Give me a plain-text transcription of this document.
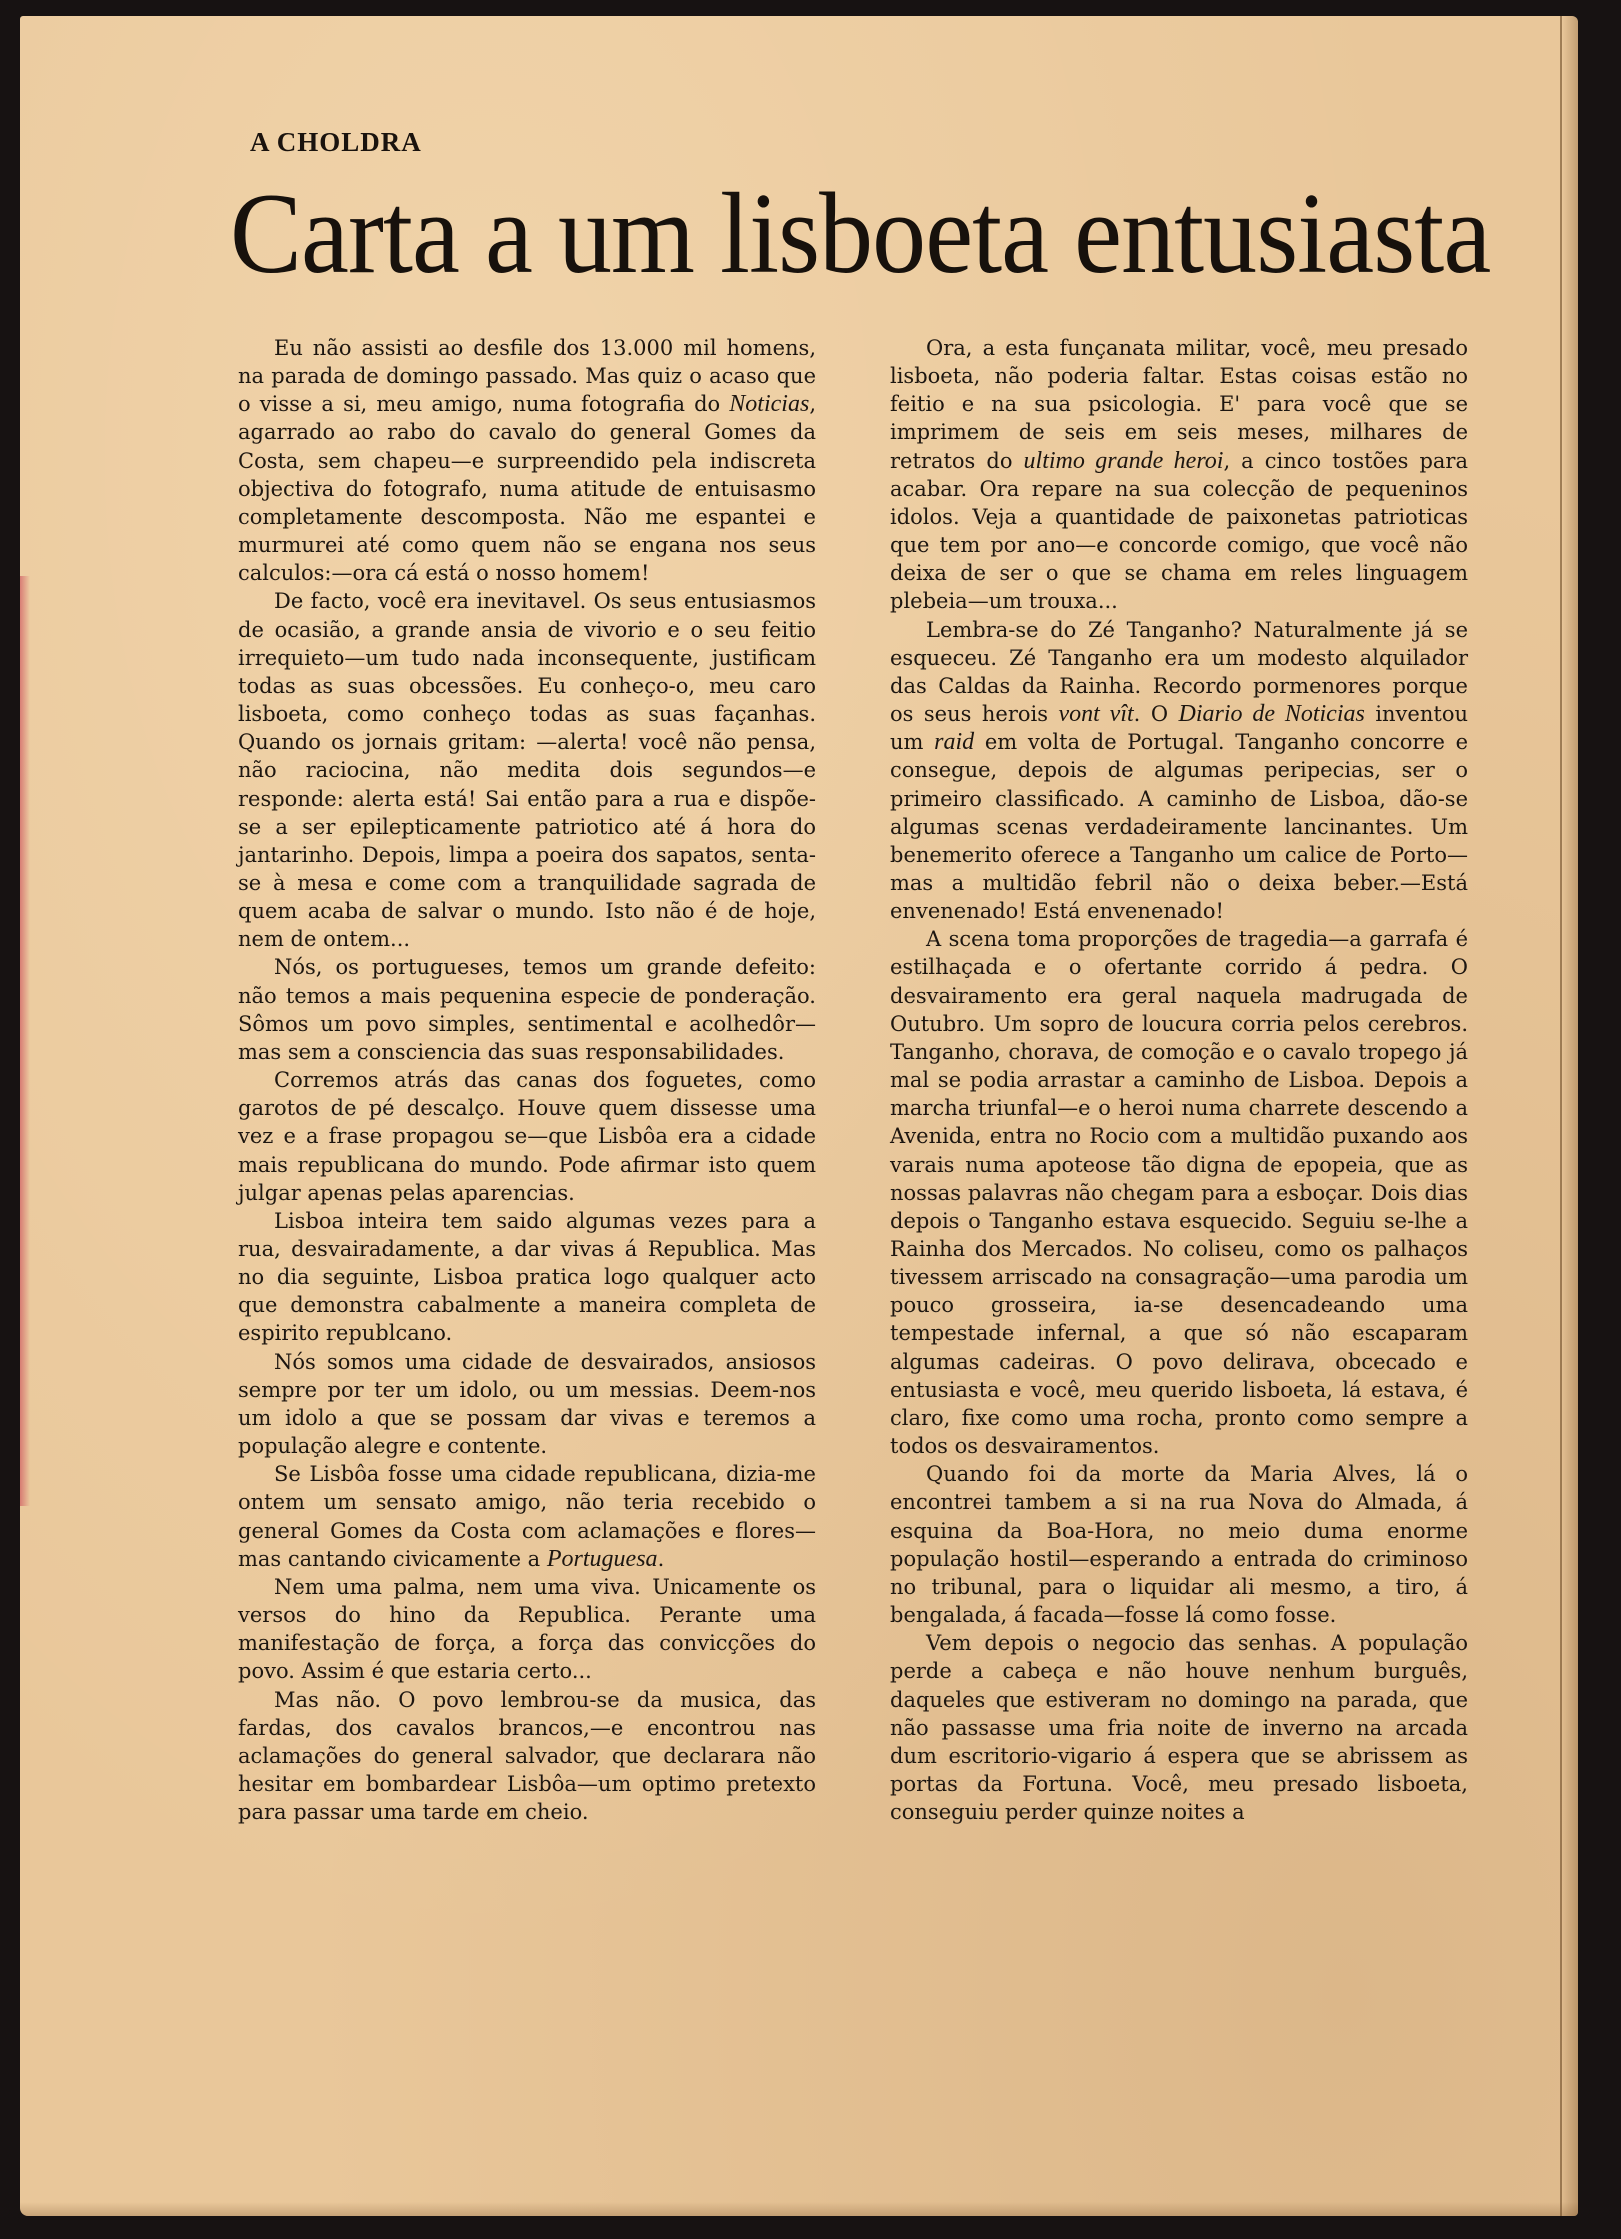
A CHOLDRA
Carta a um lisboeta entusiasta

Eu não assisti ao desfile dos 13.000 mil homens, na parada de domingo passado. Mas quiz o acaso que o visse a si, meu amigo, numa fotografia do Noticias, agarrado ao rabo do cavalo do general Gomes da Costa, sem chapeu—e surpreendido pela indiscreta objectiva do fotografo, numa atitude de entuisasmo completamente descomposta. Não me espantei e murmurei até como quem não se engana nos seus calculos:—ora cá está o nosso homem!

De facto, você era inevitavel. Os seus entusiasmos de ocasião, a grande ansia de vivorio e o seu feitio irrequieto—um tudo nada inconsequente, justificam todas as suas obcessões. Eu conheço-o, meu caro lisboeta, como conheço todas as suas façanhas. Quando os jornais gritam: —alerta! você não pensa, não raciocina, não medita dois segundos—e responde: alerta está! Sai então para a rua e dispõe-se a ser epilepticamente patriotico até á hora do jantarinho. Depois, limpa a poeira dos sapatos, senta-se à mesa e come com a tranquilidade sagrada de quem acaba de salvar o mundo. Isto não é de hoje, nem de ontem...

Nós, os portugueses, temos um grande defeito: não temos a mais pequenina especie de ponderação. Sômos um povo simples, sentimental e acolhedôr—mas sem a consciencia das suas responsabilidades.

Corremos atrás das canas dos foguetes, como garotos de pé descalço. Houve quem dissesse uma vez e a frase propagou se—que Lisbôa era a cidade mais republicana do mundo. Pode afirmar isto quem julgar apenas pelas aparencias.

Lisboa inteira tem saido algumas vezes para a rua, desvairadamente, a dar vivas á Republica. Mas no dia seguinte, Lisboa pratica logo qualquer acto que demonstra cabalmente a maneira completa de espirito republcano.

Nós somos uma cidade de desvairados, ansiosos sempre por ter um idolo, ou um messias. Deem-nos um idolo a que se possam dar vivas e teremos a população alegre e contente.

Se Lisbôa fosse uma cidade republicana, dizia-me ontem um sensato amigo, não teria recebido o general Gomes da Costa com aclamações e flores—mas cantando civicamente a Portuguesa.

Nem uma palma, nem uma viva. Unicamente os versos do hino da Republica. Perante uma manifestação de força, a força das convicções do povo. Assim é que estaria certo...

Mas não. O povo lembrou-se da musica, das fardas, dos cavalos brancos,—e encontrou nas aclamações do general salvador, que declarara não hesitar em bombardear Lisbôa—um optimo pretexto para passar uma tarde em cheio.

Ora, a esta funçanata militar, você, meu presado lisboeta, não poderia faltar. Estas coisas estão no feitio e na sua psicologia. E' para você que se imprimem de seis em seis meses, milhares de retratos do ultimo grande heroi, a cinco tostões para acabar. Ora repare na sua colecção de pequeninos idolos. Veja a quantidade de paixonetas patrioticas que tem por ano—e concorde comigo, que você não deixa de ser o que se chama em reles linguagem plebeia—um trouxa...

Lembra-se do Zé Tanganho? Naturalmente já se esqueceu. Zé Tanganho era um modesto alquilador das Caldas da Rainha. Recordo pormenores porque os seus herois vont vît. O Diario de Noticias inventou um raid em volta de Portugal. Tanganho concorre e consegue, depois de algumas peripecias, ser o primeiro classificado. A caminho de Lisboa, dão-se algumas scenas verdadeiramente lancinantes. Um benemerito oferece a Tanganho um calice de Porto—mas a multidão febril não o deixa beber.—Está envenenado! Está envenenado!

A scena toma proporções de tragedia—a garrafa é estilhaçada e o ofertante corrido á pedra. O desvairamento era geral naquela madrugada de Outubro. Um sopro de loucura corria pelos cerebros. Tanganho, chorava, de comoção e o cavalo tropego já mal se podia arrastar a caminho de Lisboa. Depois a marcha triunfal—e o heroi numa charrete descendo a Avenida, entra no Rocio com a multidão puxando aos varais numa apoteose tão digna de epopeia, que as nossas palavras não chegam para a esboçar. Dois dias depois o Tanganho estava esquecido. Seguiu se-lhe a Rainha dos Mercados. No coliseu, como os palhaços tivessem arriscado na consagração—uma parodia um pouco grosseira, ia-se desencadeando uma tempestade infernal, a que só não escaparam algumas cadeiras. O povo delirava, obcecado e entusiasta e você, meu querido lisboeta, lá estava, é claro, fixe como uma rocha, pronto como sempre a todos os desvairamentos.

Quando foi da morte da Maria Alves, lá o encontrei tambem a si na rua Nova do Almada, á esquina da Boa-Hora, no meio duma enorme população hostil—esperando a entrada do criminoso no tribunal, para o liquidar ali mesmo, a tiro, á bengalada, á facada—fosse lá como fosse.

Vem depois o negocio das senhas. A população perde a cabeça e não houve nenhum burguês, daqueles que estiveram no domingo na parada, que não passasse uma fria noite de inverno na arcada dum escritorio-vigario á espera que se abrissem as portas da Fortuna. Você, meu presado lisboeta, conseguiu perder quinze noites a
